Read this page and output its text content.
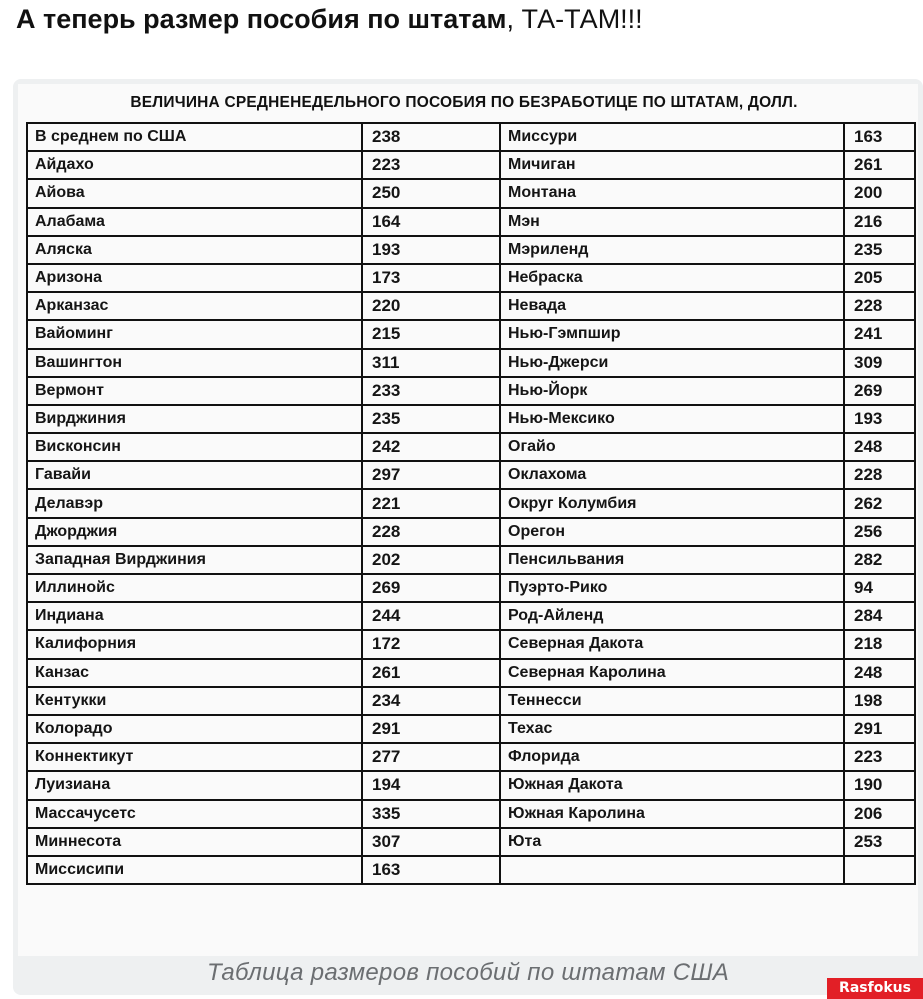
А теперь размер пособия по штатам, ТА-ТАМ!!!
ВЕЛИЧИНА СРЕДНЕНЕДЕЛЬНОГО ПОСОБИЯ ПО БЕЗРАБОТИЦЕ ПО ШТАТАМ, ДОЛЛ.
В среднем по США	238	Миссури	163
Айдахо	223	Мичиган	261
Айова	250	Монтана	200
Алабама	164	Мэн	216
Аляска	193	Мэриленд	235
Аризона	173	Небраска	205
Арканзас	220	Невада	228
Вайоминг	215	Нью-Гэмпшир	241
Вашингтон	311	Нью-Джерси	309
Вермонт	233	Нью-Йорк	269
Вирджиния	235	Нью-Мексико	193
Висконсин	242	Огайо	248
Гавайи	297	Оклахома	228
Делавэр	221	Округ Колумбия	262
Джорджия	228	Орегон	256
Западная Вирджиния	202	Пенсильвания	282
Иллинойс	269	Пуэрто-Рико	94
Индиана	244	Род-Айленд	284
Калифорния	172	Северная Дакота	218
Канзас	261	Северная Каролина	248
Кентукки	234	Теннесси	198
Колорадо	291	Техас	291
Коннектикут	277	Флорида	223
Луизиана	194	Южная Дакота	190
Массачусетс	335	Южная Каролина	206
Миннесота	307	Юта	253
Миссисипи	163		
Таблица размеров пособий по штатам США
Rasfokus
